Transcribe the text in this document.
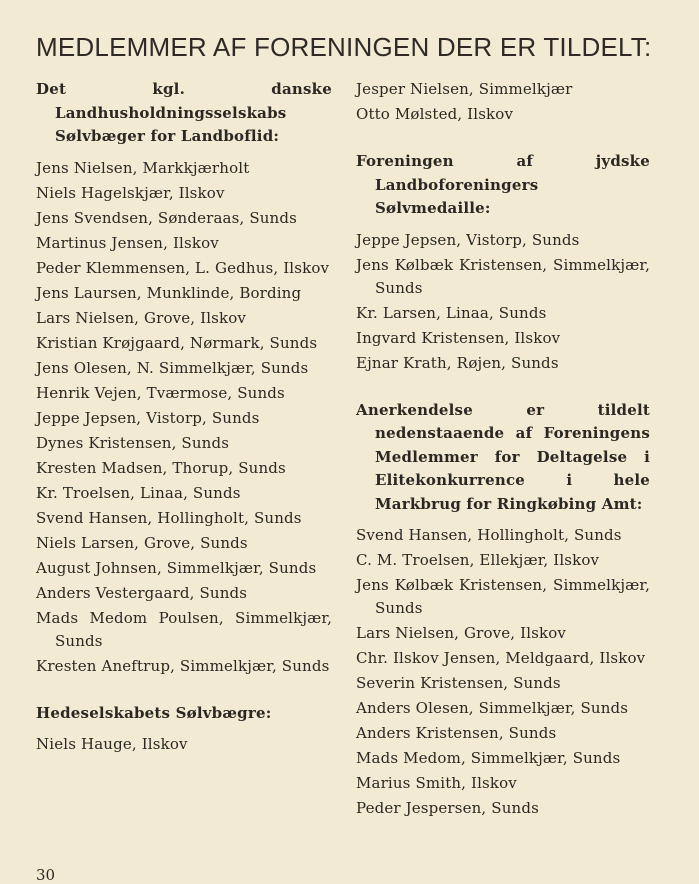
MEDLEMMER AF FORENINGEN DER ER TILDELT:

Det kgl. danske Landhusholdningsselskabs Sølvbæger for Landboflid:

Jens Nielsen, Markkjærholt

Niels Hagelskjær, Ilskov

Jens Svendsen, Sønderaas, Sunds

Martinus Jensen, Ilskov

Peder Klemmensen, L. Gedhus, Ilskov

Jens Laursen, Munklinde, Bording

Lars Nielsen, Grove, Ilskov

Kristian Krøjgaard, Nørmark, Sunds

Jens Olesen, N. Simmelkjær, Sunds

Henrik Vejen, Tværmose, Sunds

Jeppe Jepsen, Vistorp, Sunds

Dynes Kristensen, Sunds

Kresten Madsen, Thorup, Sunds

Kr. Troelsen, Linaa, Sunds

Svend Hansen, Hollingholt, Sunds

Niels Larsen, Grove, Sunds

August Johnsen, Simmelkjær, Sunds

Anders Vestergaard, Sunds

Mads Medom Poulsen, Simmelkjær, Sunds

Kresten Aneftrup, Simmelkjær, Sunds

Hedeselskabets Sølvbægre:

Niels Hauge, Ilskov

Jesper Nielsen, Simmelkjær

Otto Mølsted, Ilskov

Foreningen af jydske Landboforeningers Sølvmedaille:

Jeppe Jepsen, Vistorp, Sunds

Jens Kølbæk Kristensen, Simmelkjær, Sunds

Kr. Larsen, Linaa, Sunds

Ingvard Kristensen, Ilskov

Ejnar Krath, Røjen, Sunds

Anerkendelse er tildelt nedenstaaende af Foreningens Medlemmer for Deltagelse i Elitekonkurrence i hele Markbrug for Ringkøbing Amt:

Svend Hansen, Hollingholt, Sunds

C. M. Troelsen, Ellekjær, Ilskov

Jens Kølbæk Kristensen, Simmelkjær, Sunds

Lars Nielsen, Grove, Ilskov

Chr. Ilskov Jensen, Meldgaard, Ilskov

Severin Kristensen, Sunds

Anders Olesen, Simmelkjær, Sunds

Anders Kristensen, Sunds

Mads Medom, Simmelkjær, Sunds

Marius Smith, Ilskov

Peder Jespersen, Sunds

30
